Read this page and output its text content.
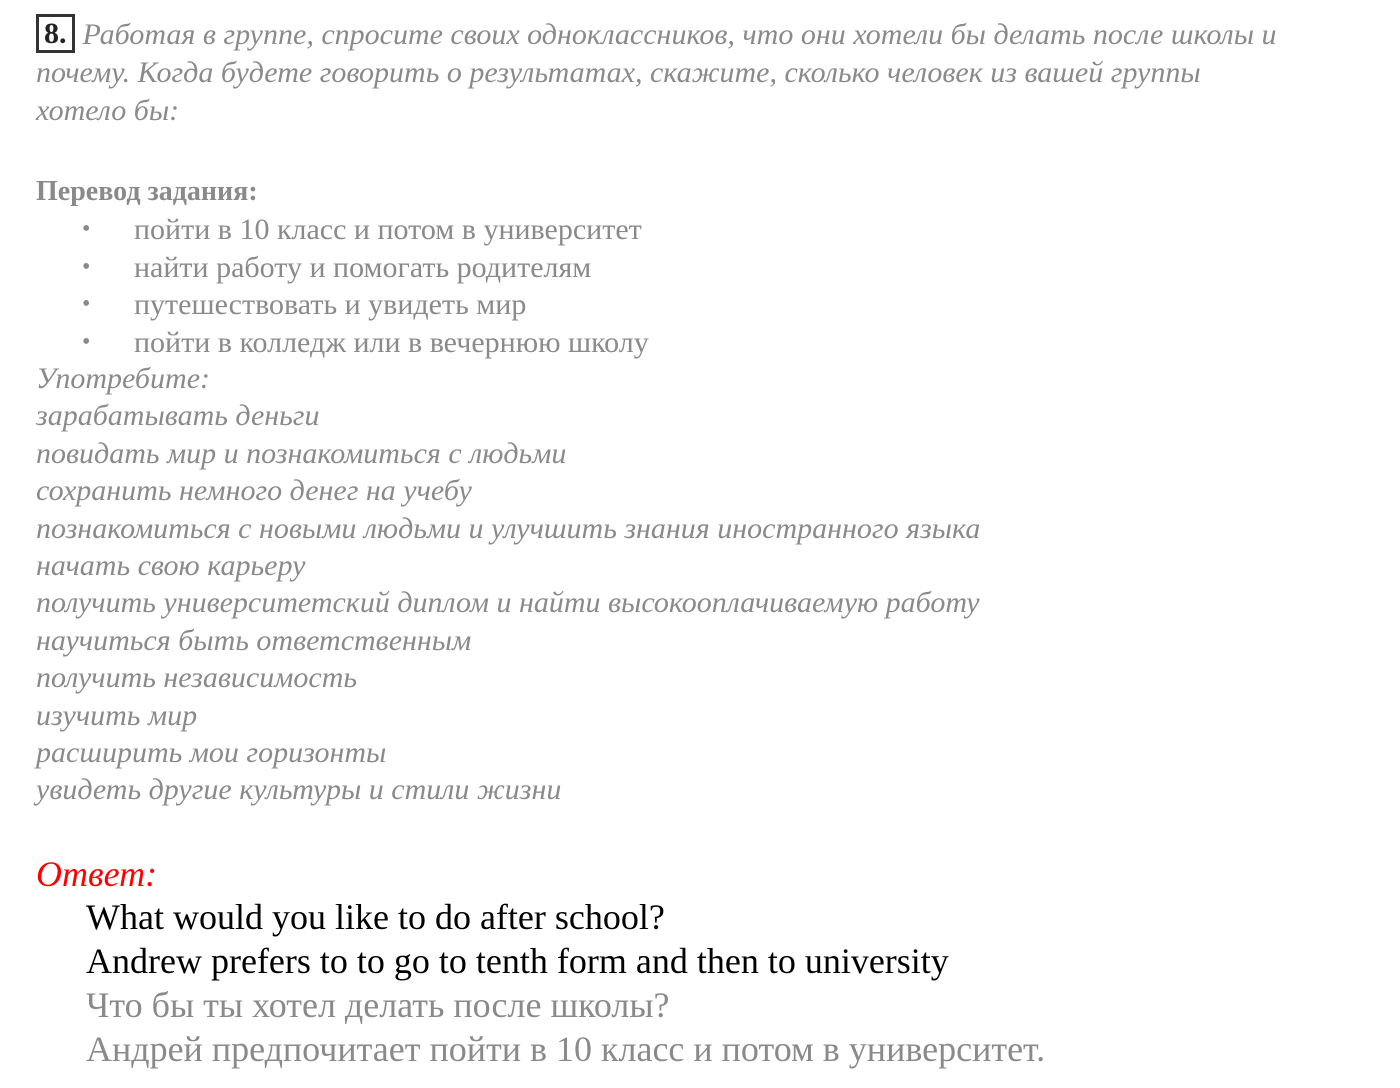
8. Работая в группе, спросите своих одноклассников, что они хотели бы делать после школы и почему. Когда будете говорить о результатах, скажите, сколько человек из вашей группы хотело бы:
Перевод задания:
• пойти в 10 класс и потом в университет
• найти работу и помогать родителям
• путешествовать и увидеть мир
• пойти в колледж или в вечернюю школу
Употребите:
зарабатывать деньги
повидать мир и познакомиться с людьми
сохранить немного денег на учебу
познакомиться с новыми людьми и улучшить знания иностранного языка
начать свою карьеру
получить университетский диплом и найти высокооплачиваемую работу
научиться быть ответственным
получить независимость
изучить мир
расширить мои горизонты
увидеть другие культуры и стили жизни
Ответ:
What would you like to do after school?
Andrew prefers to to go to tenth form and then to university
Что бы ты хотел делать после школы?
Андрей предпочитает пойти в 10 класс и потом в университет.
